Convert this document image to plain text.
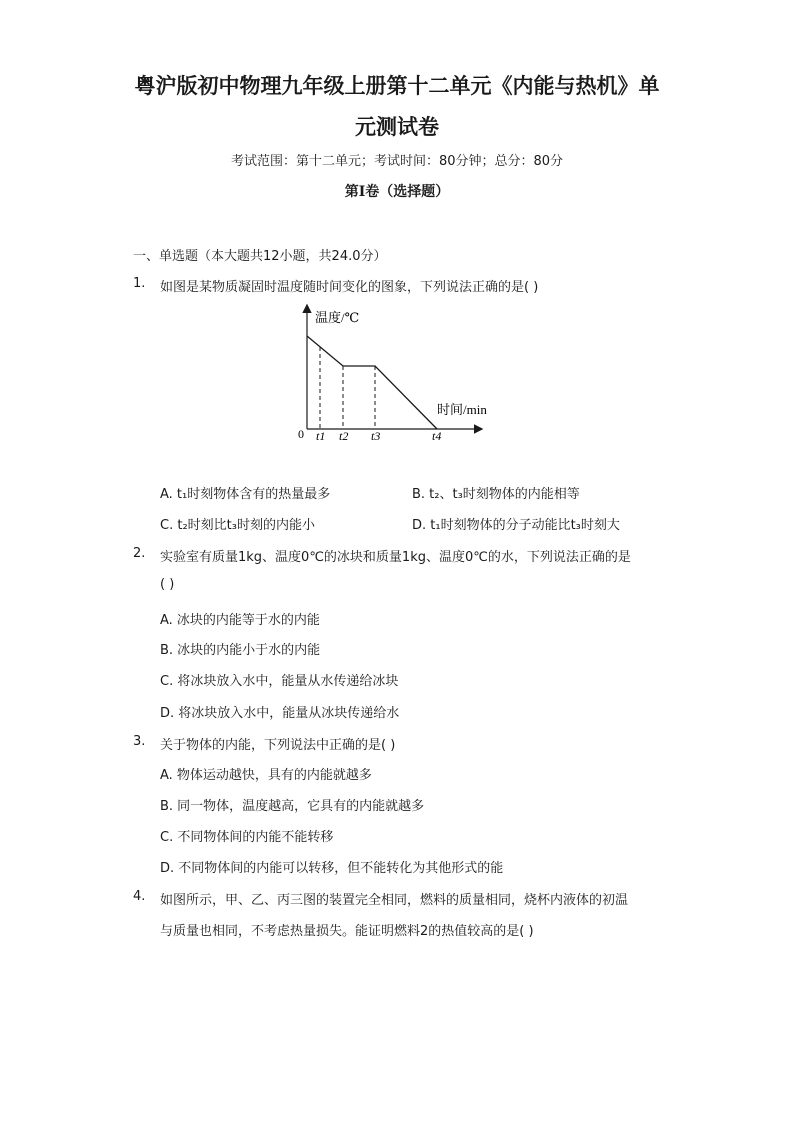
粤沪版初中物理九年级上册第十二单元《内能与热机》单
元测试卷
考试范围：第十二单元；考试时间：80分钟；总分：80分
第I卷（选择题）
一、单选题（本大题共12小题，共24.0分）
1. 如图是某物质凝固时温度随时间变化的图象，下列说法正确的是( )
温度/℃
时间/min
0 t1 t2 t3	t4
A. t₁时刻物体含有的热量最多	B. t₂、t₃时刻物体的内能相等
C. t₂时刻比t₃时刻的内能小	D. t₁时刻物体的分子动能比t₃时刻大
2. 实验室有质量1kg、温度0℃的冰块和质量1kg、温度0℃的水，下列说法正确的是
( )
A. 冰块的内能等于水的内能
B. 冰块的内能小于水的内能
C. 将冰块放入水中，能量从水传递给冰块
D. 将冰块放入水中，能量从冰块传递给水
3. 关于物体的内能，下列说法中正确的是( )
A. 物体运动越快，具有的内能就越多
B. 同一物体，温度越高，它具有的内能就越多
C. 不同物体间的内能不能转移
D. 不同物体间的内能可以转移，但不能转化为其他形式的能
4. 如图所示，甲、乙、丙三图的装置完全相同，燃料的质量相同，烧杯内液体的初温
与质量也相同，不考虑热量损失。能证明燃料2的热值较高的是( )
